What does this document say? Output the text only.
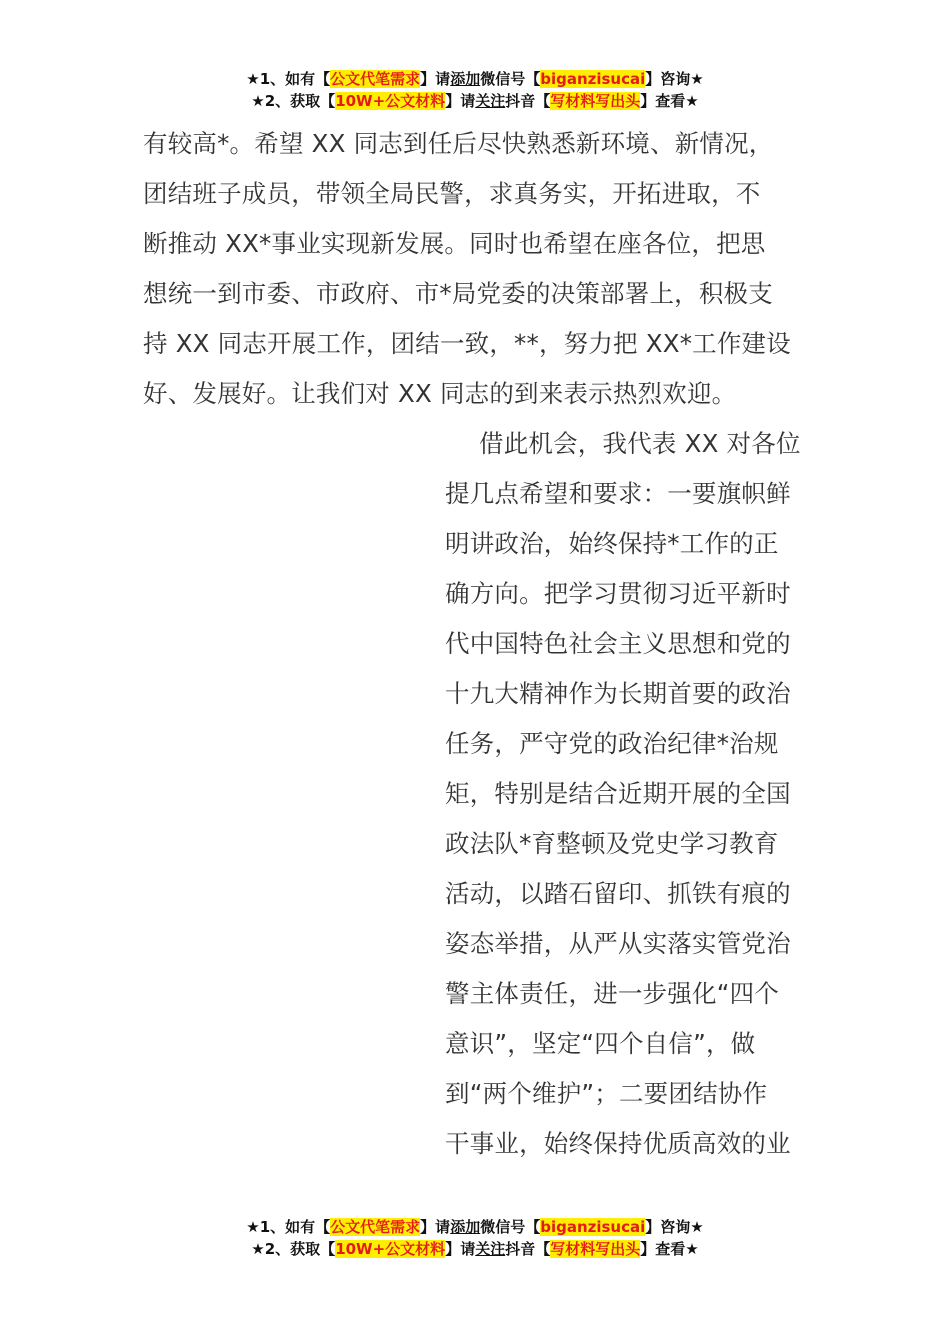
★1、如有【公文代笔需求】请添加微信号【biganzisucai】咨询★
★2、获取【10W+公文材料】请关注抖音【写材料写出头】查看★
有较高*。希望 XX 同志到任后尽快熟悉新环境、新情况，
团结班子成员，带领全局民警，求真务实，开拓进取，不
断推动 XX*事业实现新发展。同时也希望在座各位，把思
想统一到市委、市政府、市*局党委的决策部署上，积极支
持 XX 同志开展工作，团结一致，**，努力把 XX*工作建设
好、发展好。让我们对 XX 同志的到来表示热烈欢迎。
借此机会，我代表 XX 对各位
提几点希望和要求：一要旗帜鲜
明讲政治，始终保持*工作的正
确方向。把学习贯彻习近平新时
代中国特色社会主义思想和党的
十九大精神作为长期首要的政治
任务，严守党的政治纪律*治规
矩，特别是结合近期开展的全国
政法队*育整顿及党史学习教育
活动，以踏石留印、抓铁有痕的
姿态举措，从严从实落实管党治
警主体责任，进一步强化“四个
意识”，坚定“四个自信”，做
到“两个维护”；二要团结协作
干事业，始终保持优质高效的业
★1、如有【公文代笔需求】请添加微信号【biganzisucai】咨询★
★2、获取【10W+公文材料】请关注抖音【写材料写出头】查看★
